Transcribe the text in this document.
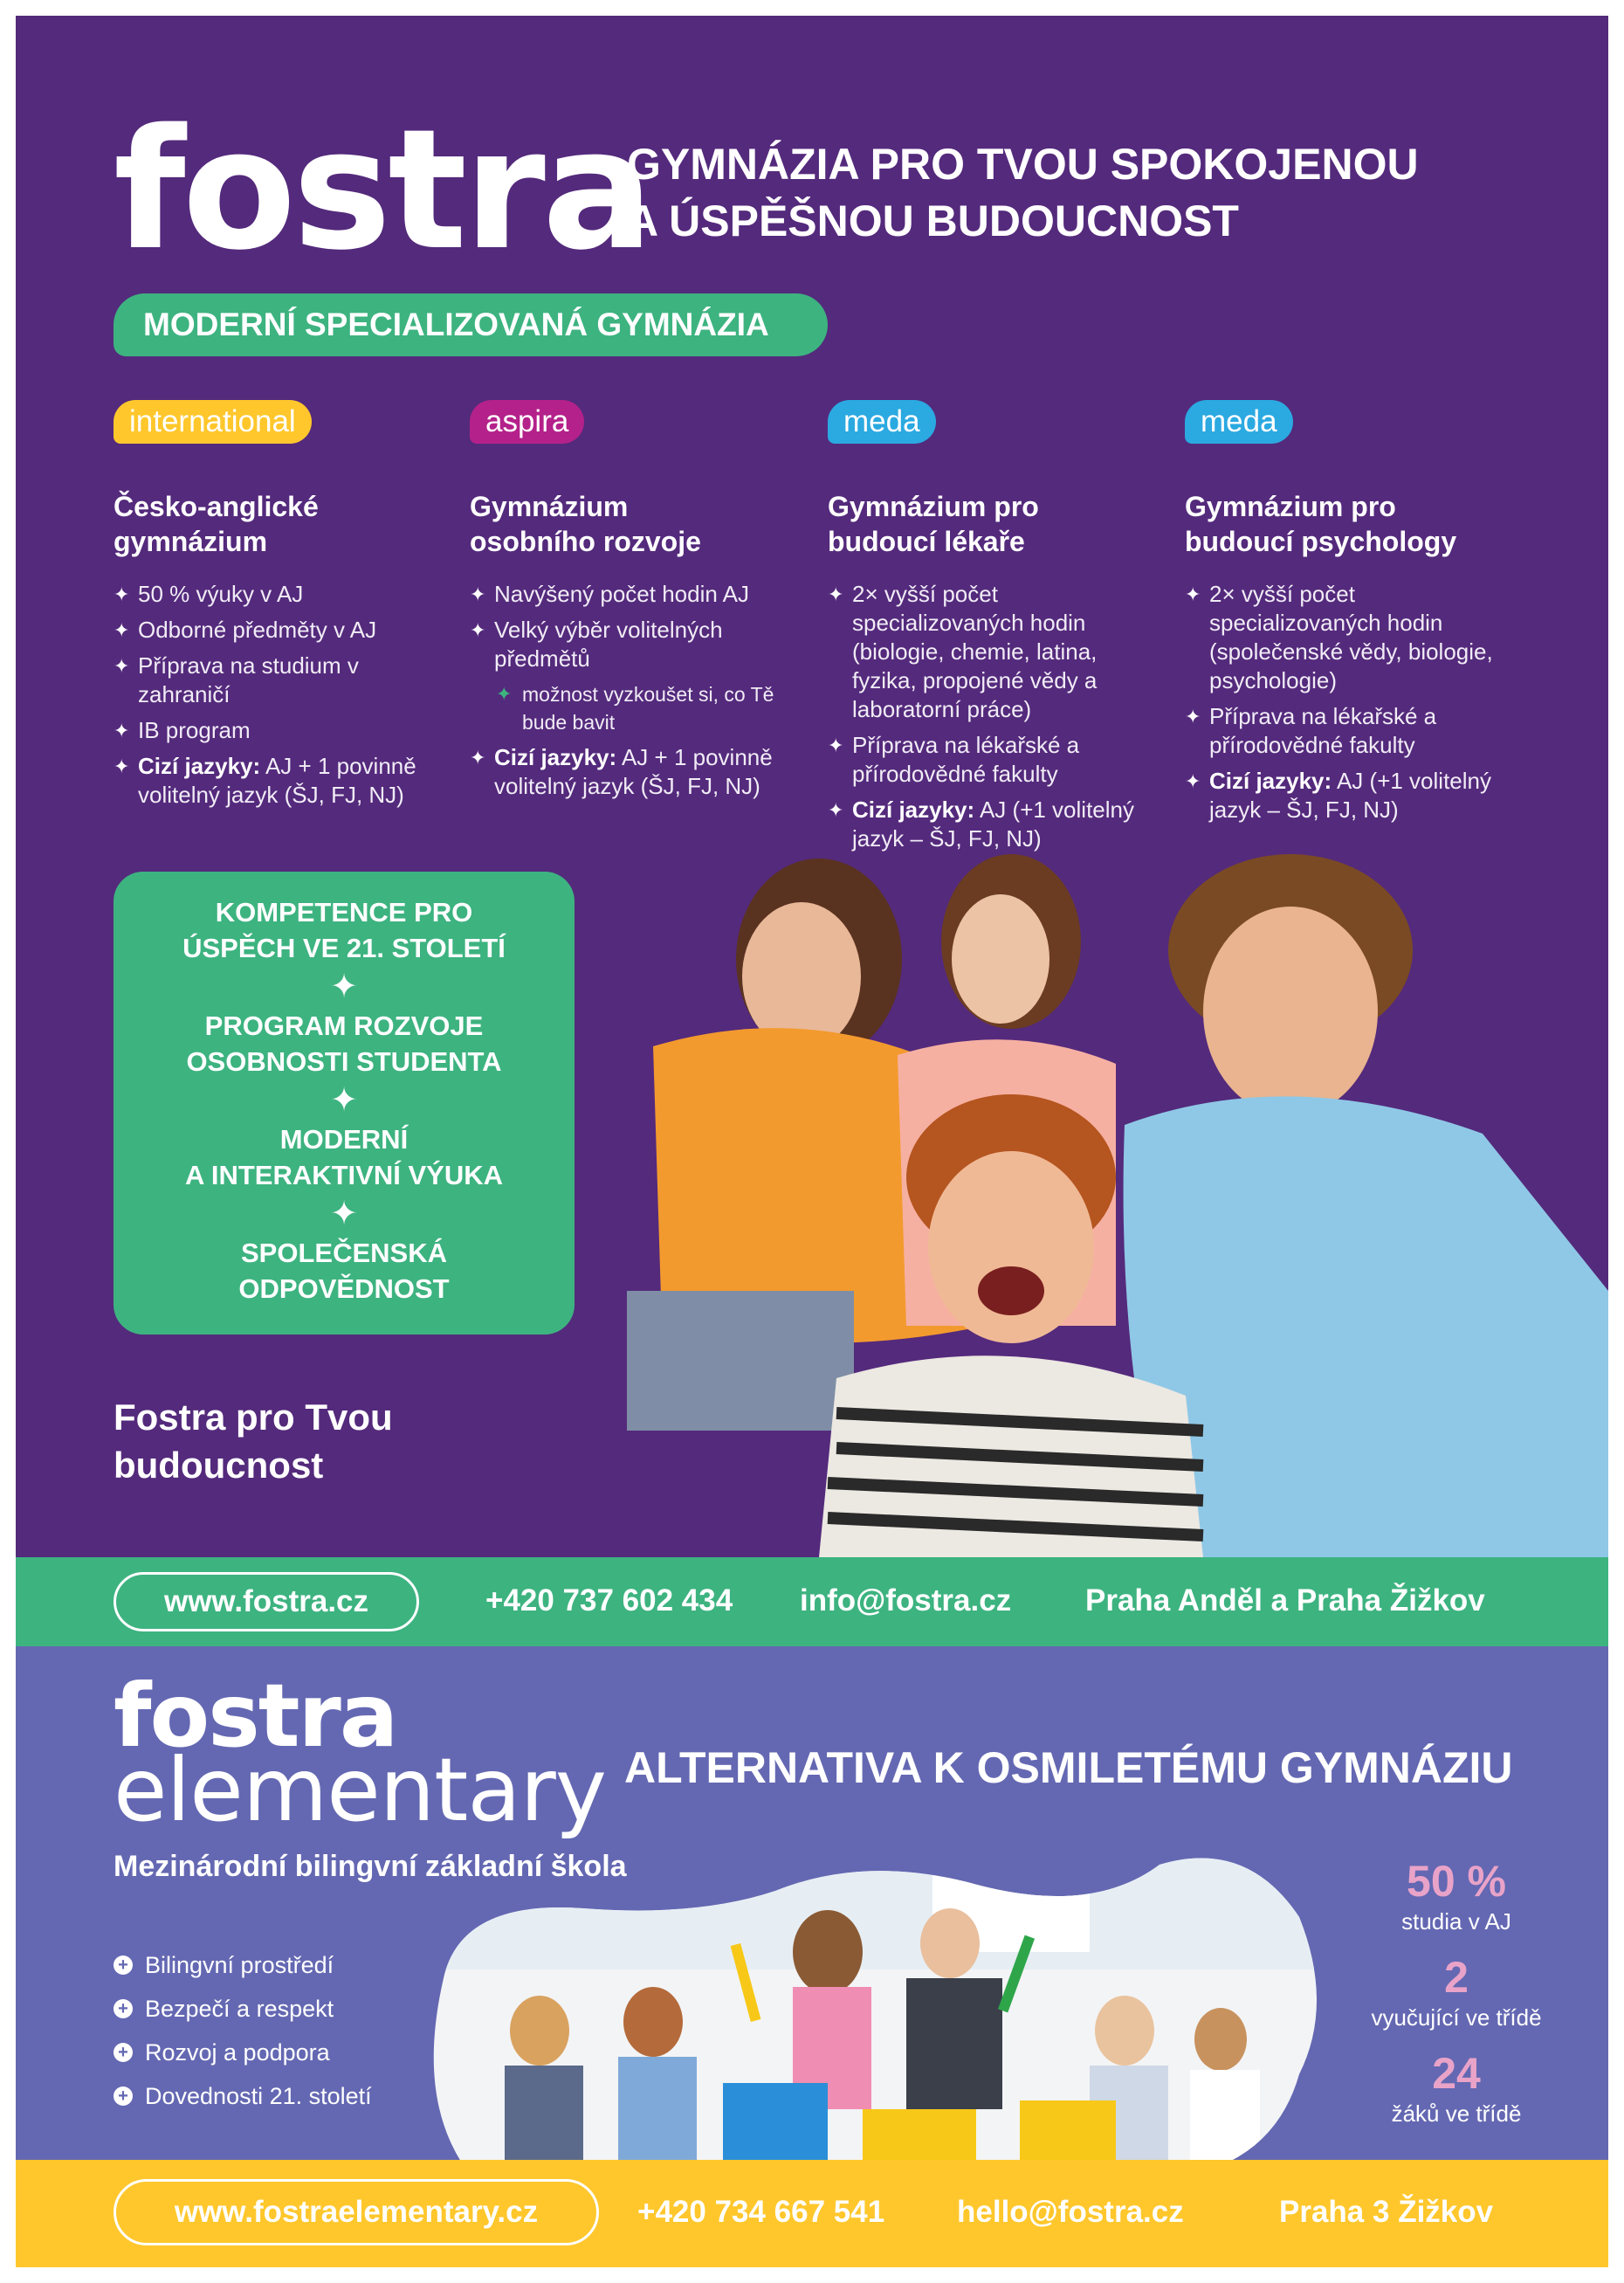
fostra
GYMNÁZIA PRO TVOU SPOKOJENOU
A ÚSPĚŠNOU BUDOUCNOST
MODERNÍ SPECIALIZOVANÁ GYMNÁZIA
international
Česko-anglické
gymnázium
✦ 50 % výuky v AJ
✦ Odborné předměty v AJ
✦ Příprava na studium v zahraničí
✦ IB program
✦ Cizí jazyky: AJ + 1 povinně volitelný jazyk (ŠJ, FJ, NJ)
aspira
Gymnázium
osobního rozvoje
✦ Navýšený počet hodin AJ
✦ Velký výběr volitelných předmětů
✦ možnost vyzkoušet si, co Tě bude bavit
✦ Cizí jazyky: AJ + 1 povinně volitelný jazyk (ŠJ, FJ, NJ)
meda
Gymnázium pro
budoucí lékaře
✦ 2× vyšší počet specializovaných hodin (biologie, chemie, latina, fyzika, propojené vědy a laboratorní práce)
✦ Příprava na lékařské a přírodovědné fakulty
✦ Cizí jazyky: AJ (+1 volitelný jazyk – ŠJ, FJ, NJ)
meda
Gymnázium pro
budoucí psychology
✦ 2× vyšší počet specializovaných hodin (společenské vědy, biologie, psychologie)
✦ Příprava na lékařské a přírodovědné fakulty
✦ Cizí jazyky: AJ (+1 volitelný jazyk – ŠJ, FJ, NJ)
KOMPETENCE PRO
ÚSPĚCH VE 21. STOLETÍ
✦
PROGRAM ROZVOJE
OSOBNOSTI STUDENTA
✦
MODERNÍ
A INTERAKTIVNÍ VÝUKA
✦
SPOLEČENSKÁ
ODPOVĚDNOST
Fostra pro Tvou
budoucnost
www.fostra.cz	+420 737 602 434 info@fostra.cz Praha Anděl a Praha Žižkov
fostra
elementary ALTERNATIVA K OSMILETÉMU GYMNÁZIU
Mezinárodní bilingvní základní škola
+ Bilingvní prostředí
+ Bezpečí a respekt
+ Rozvoj a podpora
+ Dovednosti 21. století
50 %
studia v AJ
2
vyučující ve třídě
24
žáků ve třídě
www.fostraelementary.cz	+420 734 667 541 hello@fostra.cz	Praha 3 Žižkov
